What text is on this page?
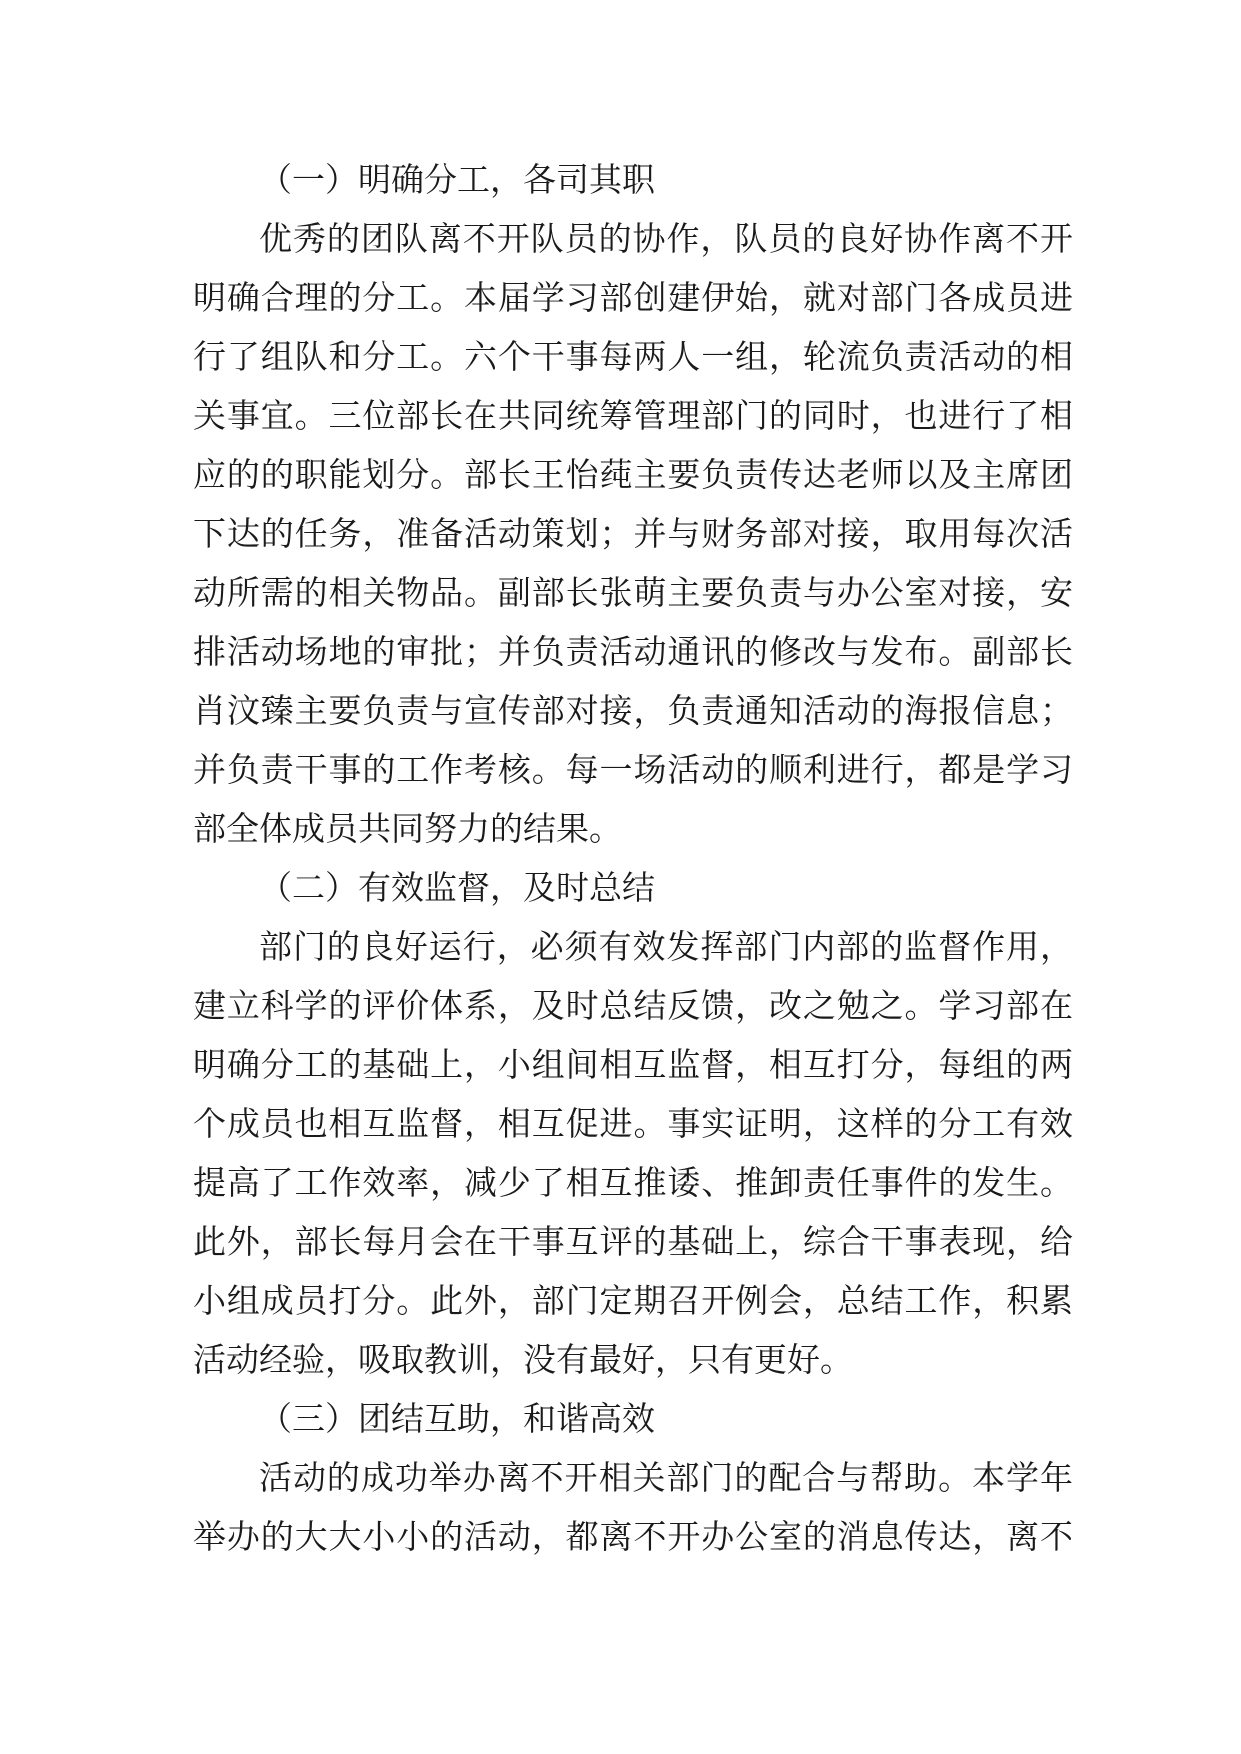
（一）明确分工，各司其职
优秀的团队离不开队员的协作，队员的良好协作离不开
明确合理的分工。本届学习部创建伊始，就对部门各成员进
行了组队和分工。六个干事每两人一组，轮流负责活动的相
关事宜。三位部长在共同统筹管理部门的同时，也进行了相
应的的职能划分。部长王怡莼主要负责传达老师以及主席团
下达的任务，准备活动策划；并与财务部对接，取用每次活
动所需的相关物品。副部长张萌主要负责与办公室对接，安
排活动场地的审批；并负责活动通讯的修改与发布。副部长
肖汶臻主要负责与宣传部对接，负责通知活动的海报信息；
并负责干事的工作考核。每一场活动的顺利进行，都是学习
部全体成员共同努力的结果。
（二）有效监督，及时总结
部门的良好运行，必须有效发挥部门内部的监督作用，
建立科学的评价体系，及时总结反馈，改之勉之。学习部在
明确分工的基础上，小组间相互监督，相互打分，每组的两
个成员也相互监督，相互促进。事实证明，这样的分工有效
提高了工作效率，减少了相互推诿、推卸责任事件的发生。
此外，部长每月会在干事互评的基础上，综合干事表现，给
小组成员打分。此外，部门定期召开例会，总结工作，积累
活动经验，吸取教训，没有最好，只有更好。
（三）团结互助，和谐高效
活动的成功举办离不开相关部门的配合与帮助。本学年
举办的大大小小的活动，都离不开办公室的消息传达，离不
